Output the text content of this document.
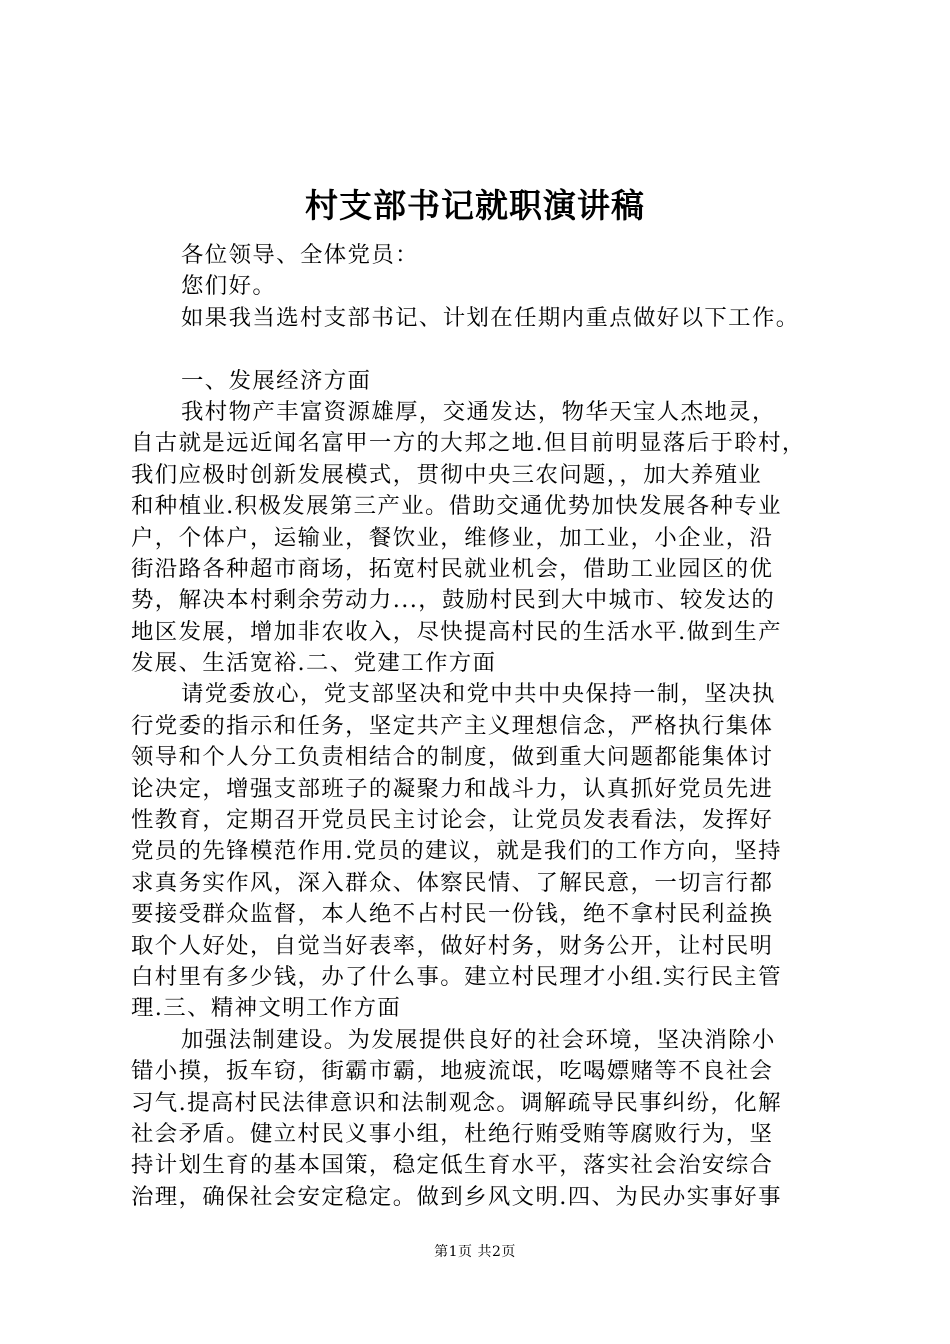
村支部书记就职演讲稿
各位领导、全体党员：
您们好。
如果我当选村支部书记、计划在任期内重点做好以下工作。
一、发展经济方面
我村物产丰富资源雄厚，交通发达，物华天宝人杰地灵，
自古就是远近闻名富甲一方的大邦之地.但目前明显落后于聆村，
我们应极时创新发展模式，贯彻中央三农问题，，加大养殖业
和种植业.积极发展第三产业。借助交通优势加快发展各种专业
户，个体户，运输业，餐饮业，维修业，加工业，小企业，沿
街沿路各种超市商场，拓宽村民就业机会，借助工业园区的优
势，解决本村剩余劳动力...，鼓励村民到大中城市、较发达的
地区发展，增加非农收入，尽快提高村民的生活水平.做到生产
发展、生活宽裕.二、党建工作方面
请党委放心，党支部坚决和党中共中央保持一制，坚决执
行党委的指示和任务，坚定共产主义理想信念，严格执行集体
领导和个人分工负责相结合的制度，做到重大问题都能集体讨
论决定，增强支部班子的凝聚力和战斗力，认真抓好党员先进
性教育，定期召开党员民主讨论会，让党员发表看法，发挥好
党员的先锋模范作用.党员的建议，就是我们的工作方向，坚持
求真务实作风，深入群众、体察民情、了解民意，一切言行都
要接受群众监督，本人绝不占村民一份钱，绝不拿村民利益换
取个人好处，自觉当好表率，做好村务，财务公开，让村民明
白村里有多少钱，办了什么事。建立村民理才小组.实行民主管
理.三、精神文明工作方面
加强法制建设。为发展提供良好的社会环境，坚决消除小
错小摸，扳车窃，街霸市霸，地疲流氓，吃喝嫖赌等不良社会
习气.提高村民法律意识和法制观念。调解疏导民事纠纷，化解
社会矛盾。健立村民义事小组，杜绝行贿受贿等腐败行为，坚
持计划生育的基本国策，稳定低生育水平，落实社会治安综合
治理，确保社会安定稳定。做到乡风文明.四、为民办实事好事
第1页 共2页
